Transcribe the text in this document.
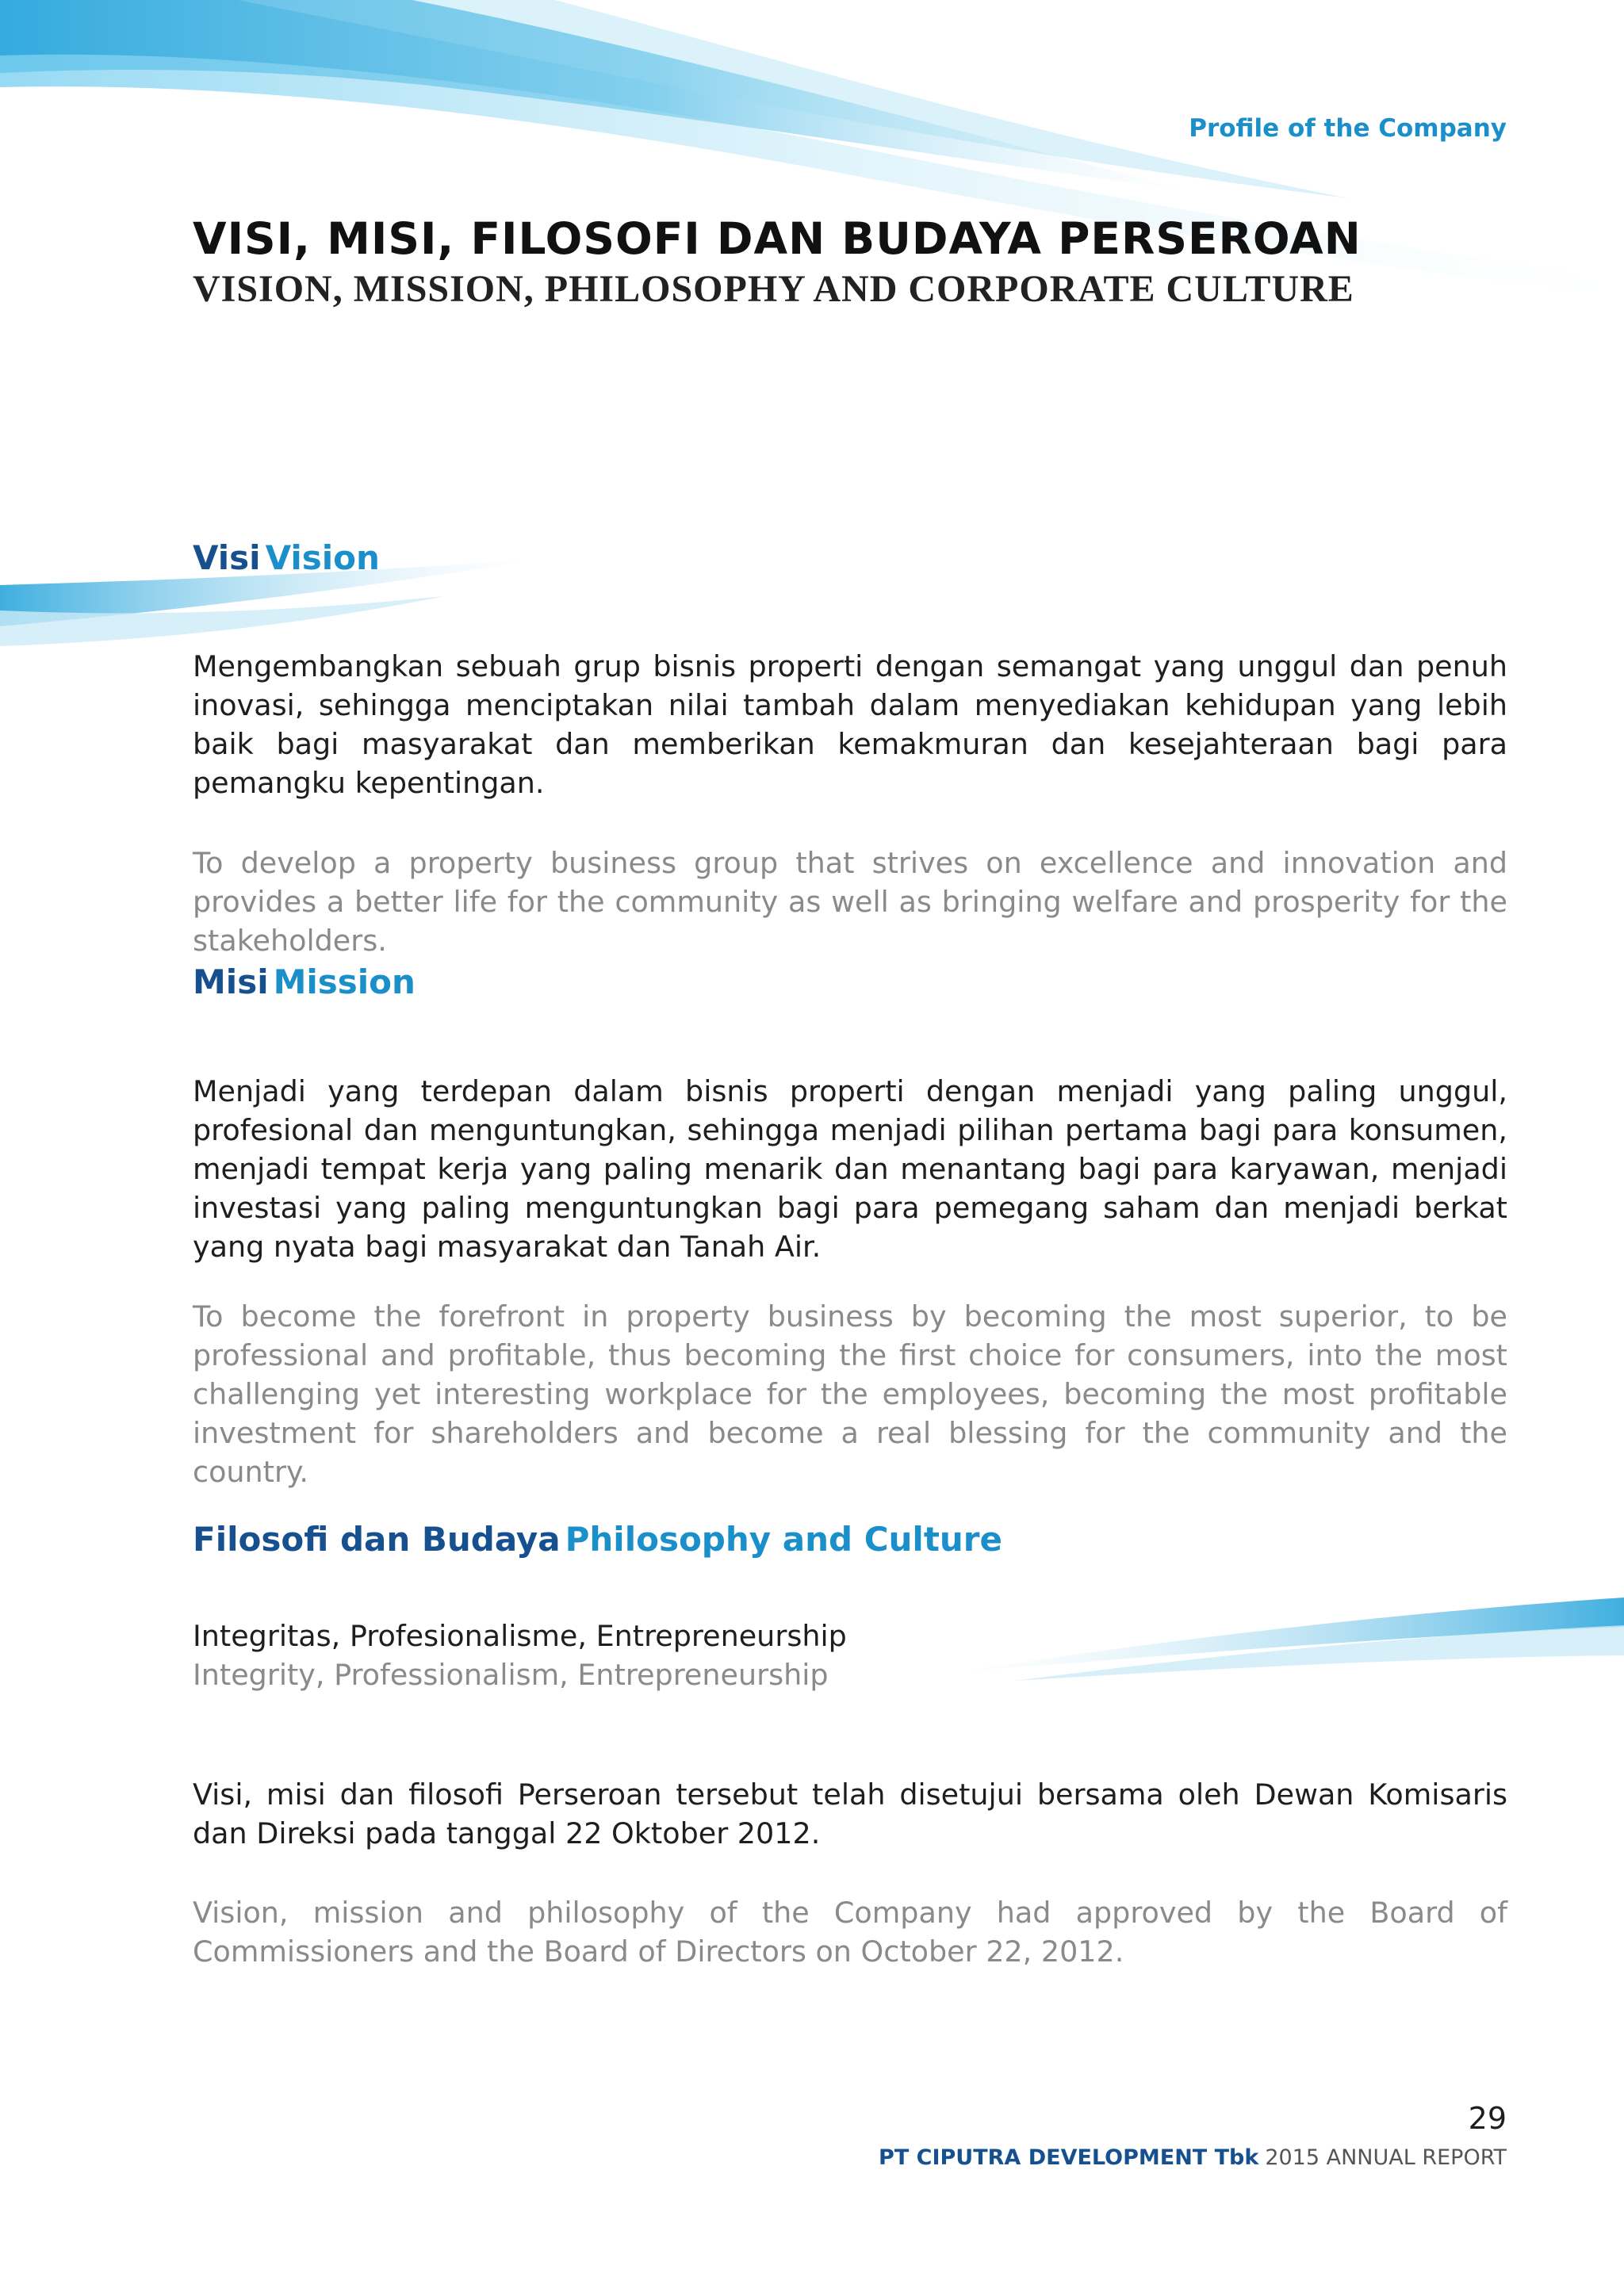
Profile of the Company
VISI, MISI, FILOSOFI DAN BUDAYA PERSEROAN
VISION, MISSION, PHILOSOPHY AND CORPORATE CULTURE
Visi Vision

Mengembangkan sebuah grup bisnis properti dengan semangat yang unggul dan penuh inovasi, sehingga menciptakan nilai tambah dalam menyediakan kehidupan yang lebih baik bagi masyarakat dan memberikan kemakmuran dan kesejahteraan bagi para pemangku kepentingan.

To develop a property business group that strives on excellence and innovation and provides a better life for the community as well as bringing welfare and prosperity for the stakeholders.

Misi Mission

Menjadi yang terdepan dalam bisnis properti dengan menjadi yang paling unggul, profesional dan menguntungkan, sehingga menjadi pilihan pertama bagi para konsumen, menjadi tempat kerja yang paling menarik dan menantang bagi para karyawan, menjadi investasi yang paling menguntungkan bagi para pemegang saham dan menjadi berkat yang nyata bagi masyarakat dan Tanah Air.

To become the forefront in property business by becoming the most superior, to be professional and profitable, thus becoming the first choice for consumers, into the most challenging yet interesting workplace for the employees, becoming the most profitable investment for shareholders and become a real blessing for the community and the country.

Filosofi dan Budaya Philosophy and Culture

Integritas, Profesionalisme, Entrepreneurship

Integrity, Professionalism, Entrepreneurship

Visi, misi dan filosofi Perseroan tersebut telah disetujui bersama oleh Dewan Komisaris dan Direksi pada tanggal 22 Oktober 2012.

Vision, mission and philosophy of the Company had approved by the Board of Commissioners and the Board of Directors on October 22, 2012.

29
PT CIPUTRA DEVELOPMENT Tbk 2015 ANNUAL REPORT
